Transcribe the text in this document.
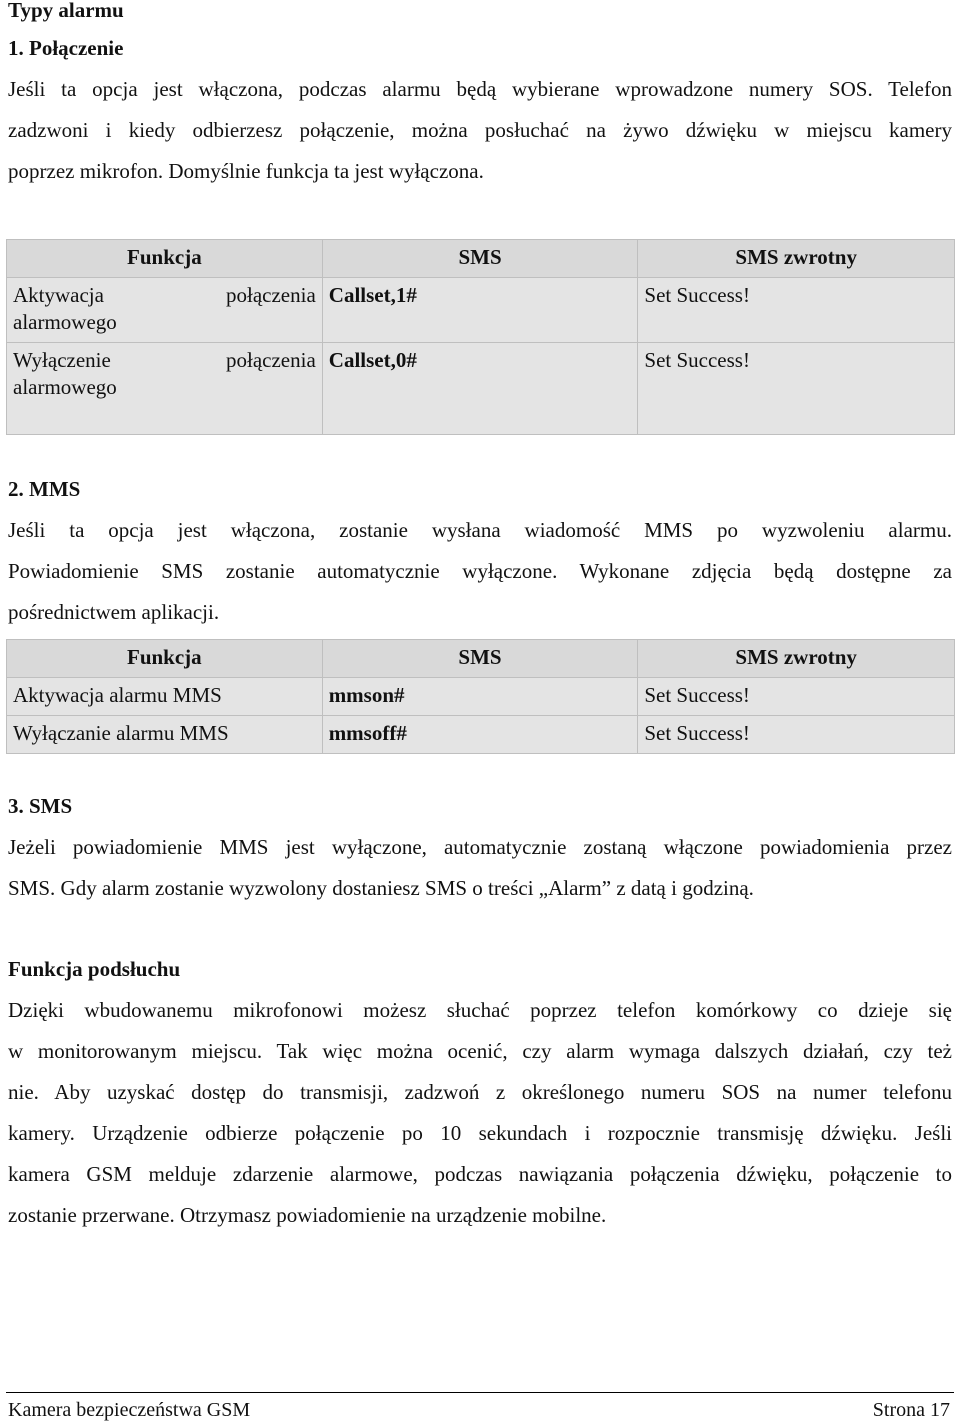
Typy alarmu

1. Połączenie

Jeśli ta opcja jest włączona, podczas alarmu będą wybierane wprowadzone numery SOS. Telefon

zadzwoni i kiedy odbierzesz połączenie, można posłuchać na żywo dźwięku w miejscu kamery

poprzez mikrofon. Domyślnie funkcja ta jest wyłączona.

Funkcja	SMS	SMS zwrotny

Aktywacja połączenia
alarmowego	Callset,1#	Set Success!

Wyłączenie połączenia
alarmowego	Callset,0#	Set Success!

2. MMS

Jeśli ta opcja jest włączona, zostanie wysłana wiadomość MMS po wyzwoleniu alarmu.

Powiadomienie SMS zostanie automatycznie wyłączone. Wykonane zdjęcia będą dostępne za

pośrednictwem aplikacji.

Funkcja	SMS	SMS zwrotny
Aktywacja alarmu MMS	mmson#	Set Success!
Wyłączanie alarmu MMS	mmsoff#	Set Success!

3. SMS

Jeżeli powiadomienie MMS jest wyłączone, automatycznie zostaną włączone powiadomienia przez

SMS. Gdy alarm zostanie wyzwolony dostaniesz SMS o treści „Alarm” z datą i godziną.

Funkcja podsłuchu

Dzięki wbudowanemu mikrofonowi możesz słuchać poprzez telefon komórkowy co dzieje się

w monitorowanym miejscu. Tak więc można ocenić, czy alarm wymaga dalszych działań, czy też

nie. Aby uzyskać dostęp do transmisji, zadzwoń z określonego numeru SOS na numer telefonu

kamery. Urządzenie odbierze połączenie po 10 sekundach i rozpocznie transmisję dźwięku. Jeśli

kamera GSM melduje zdarzenie alarmowe, podczas nawiązania połączenia dźwięku, połączenie to

zostanie przerwane. Otrzymasz powiadomienie na urządzenie mobilne.

Kamera bezpieczeństwa GSM	Strona 17
